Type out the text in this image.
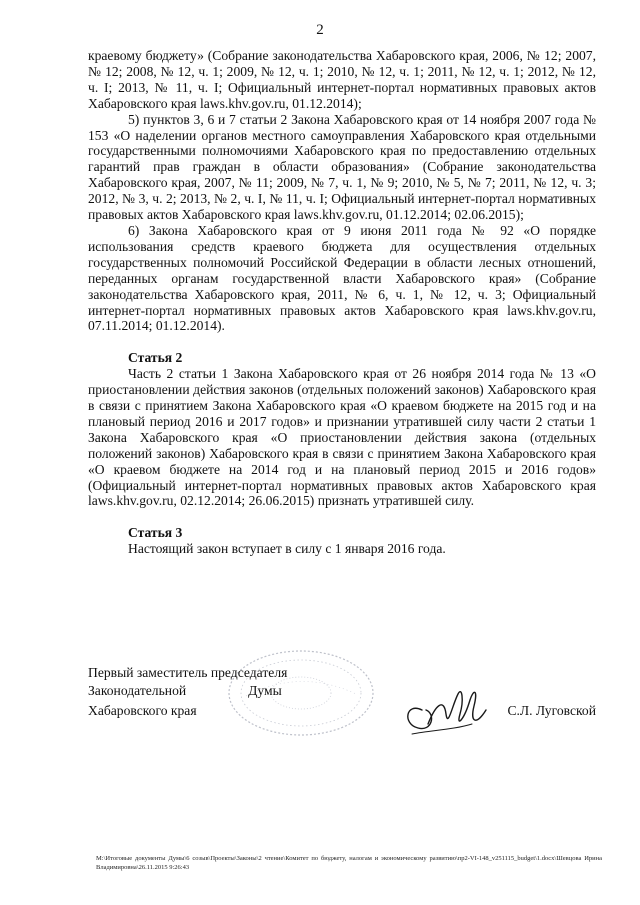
2

краевому бюджету» (Собрание законодательства Хабаровского края, 2006, № 12; 2007, № 12; 2008, № 12, ч. 1; 2009, № 12, ч. 1; 2010, № 12, ч. 1; 2011, № 12, ч. 1; 2012, № 12, ч. I; 2013, № 11, ч. I; Официальный интернет-портал нормативных правовых актов Хабаровского края laws.khv.gov.ru, 01.12.2014);

5) пунктов 3, 6 и 7 статьи 2 Закона Хабаровского края от 14 ноября 2007 года № 153 «О наделении органов местного самоуправления Хабаровского края отдельными государственными полномочиями Хабаровского края по предоставлению отдельных гарантий прав граждан в области образования» (Собрание законодательства Хабаровского края, 2007, № 11; 2009, № 7, ч. 1, № 9; 2010, № 5, № 7; 2011, № 12, ч. 3; 2012, № 3, ч. 2; 2013, № 2, ч. I, № 11, ч. I; Официальный интернет-портал нормативных правовых актов Хабаровского края laws.khv.gov.ru, 01.12.2014; 02.06.2015);

6) Закона Хабаровского края от 9 июня 2011 года № 92 «О порядке использования средств краевого бюджета для осуществления отдельных государственных полномочий Российской Федерации в области лесных отношений, переданных органам государственной власти Хабаровского края» (Собрание законодательства Хабаровского края, 2011, № 6, ч. 1, № 12, ч. 3; Официальный интернет-портал нормативных правовых актов Хабаровского края laws.khv.gov.ru, 07.11.2014; 01.12.2014).

Статья 2

Часть 2 статьи 1 Закона Хабаровского края от 26 ноября 2014 года № 13 «О приостановлении действия законов (отдельных положений законов) Хабаровского края в связи с принятием Закона Хабаровского края «О краевом бюджете на 2015 год и на плановый период 2016 и 2017 годов» и признании утратившей силу части 2 статьи 1 Закона Хабаровского края «О приостановлении действия закона (отдельных положений законов) Хабаровского края в связи с принятием Закона Хабаровского края «О краевом бюджете на 2014 год и на плановый период 2015 и 2016 годов» (Официальный интернет-портал нормативных правовых актов Хабаровского края laws.khv.gov.ru, 02.12.2014; 26.06.2015) признать утратившей силу.

Статья 3

Настоящий закон вступает в силу с 1 января 2016 года.

Первый заместитель председателя
Законодательной	Думы
Хабаровского края	С.Л. Луговской
М:\Итоговые документы Думы\6 созыв\Проекты\Законы\2 чтение\Комитет по бюджету, налогам и экономическому развитию\пр2-VI-148_v251115_budget\1.docx\Шевцова Ирина Владимировна\26.11.2015 9:26:43
